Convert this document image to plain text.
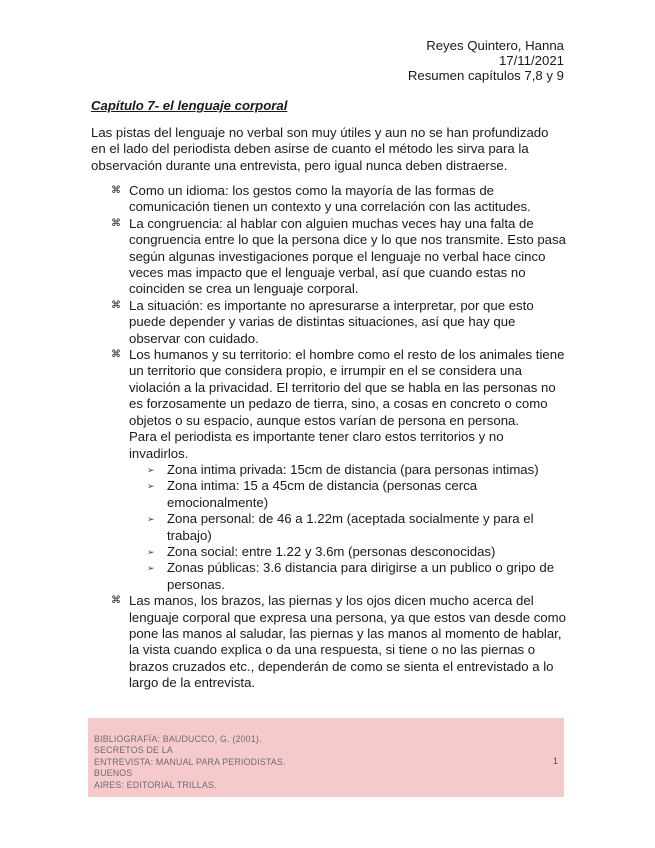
Reyes Quintero, Hanna
17/11/2021
Resumen capítulos 7,8 y 9
Capítulo 7- el lenguaje corporal

Las pistas del lenguaje no verbal son muy útiles y aun no se han profundizado en el lado del periodista deben asirse de cuanto el método les sirva para la observación durante una entrevista, pero igual nunca deben distraerse.

⌘ Como un idioma: los gestos como la mayoría de las formas de comunicación tienen un contexto y una correlación con las actitudes.

⌘ La congruencia: al hablar con alguien muchas veces hay una falta de congruencia entre lo que la persona dice y lo que nos transmite. Esto pasa según algunas investigaciones porque el lenguaje no verbal hace cinco veces mas impacto que el lenguaje verbal, así que cuando estas no coinciden se crea un lenguaje corporal.

⌘ La situación: es importante no apresurarse a interpretar, por que esto puede depender y varias de distintas situaciones, así que hay que observar con cuidado.

⌘ Los humanos y su territorio: el hombre como el resto de los animales tiene un territorio que considera propio, e irrumpir en el se considera una violación a la privacidad. El territorio del que se habla en las personas no es forzosamente un pedazo de tierra, sino, a cosas en concreto o como objetos o su espacio, aunque estos varían de persona en persona.

Para el periodista es importante tener claro estos territorios y no invadirlos.

➢ Zona intima privada: 15cm de distancia (para personas intimas)
➢ Zona intima: 15 a 45cm de distancia (personas cerca emocionalmente)
➢ Zona personal: de 46 a 1.22m (aceptada socialmente y para el trabajo)
➢ Zona social: entre 1.22 y 3.6m (personas desconocidas)
➢ Zonas públicas: 3.6 distancia para dirigirse a un publico o gripo de personas.
⌘ Las manos, los brazos, las piernas y los ojos dicen mucho acerca del lenguaje corporal que expresa una persona, ya que estos van desde como pone las manos al saludar, las piernas y las manos al momento de hablar, la vista cuando explica o da una respuesta, si tiene o no las piernas o brazos cruzados etc., dependerán de como se sienta el entrevistado a lo largo de la entrevista.

BIBLIOGRAFÍA: BAUDUCCO, G. (2001).
SECRETOS DE LA
ENTREVISTA: MANUAL PARA PERIODISTAS.
BUENOS
AIRES: EDITORIAL TRILLAS.
1
